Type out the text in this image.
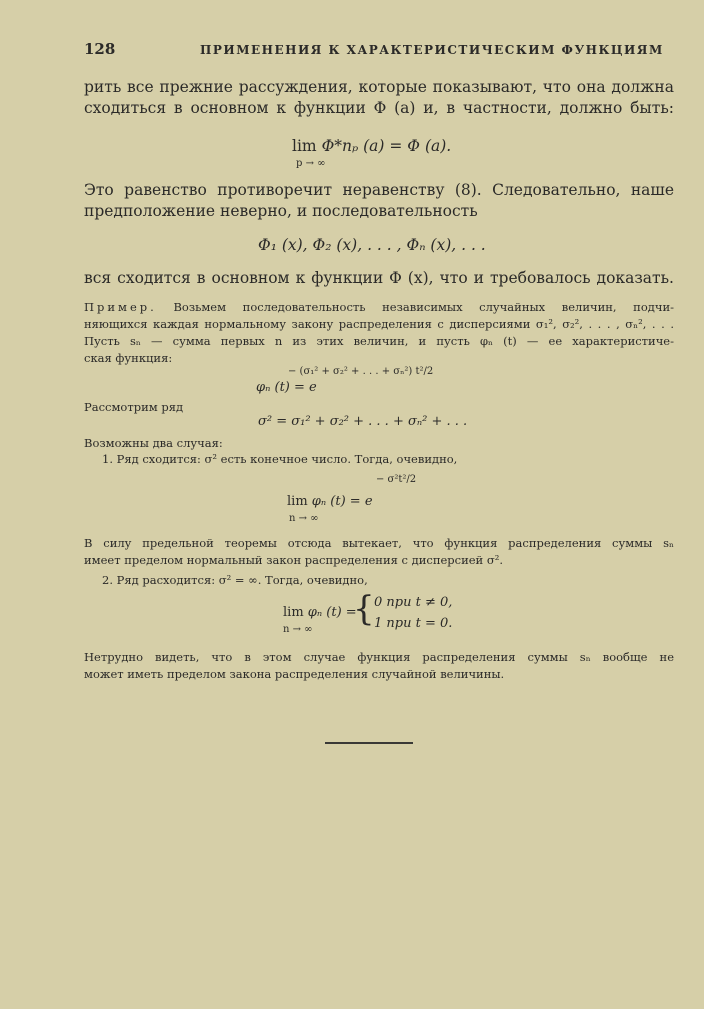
128	ПРИМЕНЕНИЯ К ХАРАКТЕРИСТИЧЕСКИМ ФУНКЦИЯМ
рить все прежние рассуждения, которые показывают, что она должна
сходиться в основном к функции Φ (a) и, в частности, должно быть:
lim Φ*nₚ (a) = Φ (a).
p → ∞
Это равенство противоречит неравенству (8). Следовательно, наше
предположение неверно, и последовательность
Φ₁ (x), Φ₂ (x), . . . , Φₙ (x), . . .
вся сходится в основном к функции Φ (x), что и требовалось доказать.
Пример. Возьмем последовательность независимых случайных величин, подчи-
няющихся каждая нормальному закону распределения с дисперсиями σ₁², σ₂², . . . , σₙ², . . .
Пусть sₙ — сумма первых n из этих величин, и пусть φₙ (t) — ее характеристиче-
ская функция:
− (σ₁² + σ₂² + . . . + σₙ²) t²/2
φₙ (t) = e
Рассмотрим ряд
σ² = σ₁² + σ₂² + . . . + σₙ² + . . .
Возможны два случая:
1. Ряд сходится: σ² есть конечное число. Тогда, очевидно,
− σ²t²/2
lim φₙ (t) = e
n → ∞
В силу предельной теоремы отсюда вытекает, что функция распределения суммы sₙ
имеет пределом нормальный закон распределения с дисперсией σ².
2. Ряд расходится: σ² = ∞. Тогда, очевидно,
lim φₙ (t) =
n → ∞
{ 0 при t ≠ 0,
1 при t = 0.
Нетрудно видеть, что в этом случае функция распределения суммы sₙ вообще не
может иметь пределом закона распределения случайной величины.
